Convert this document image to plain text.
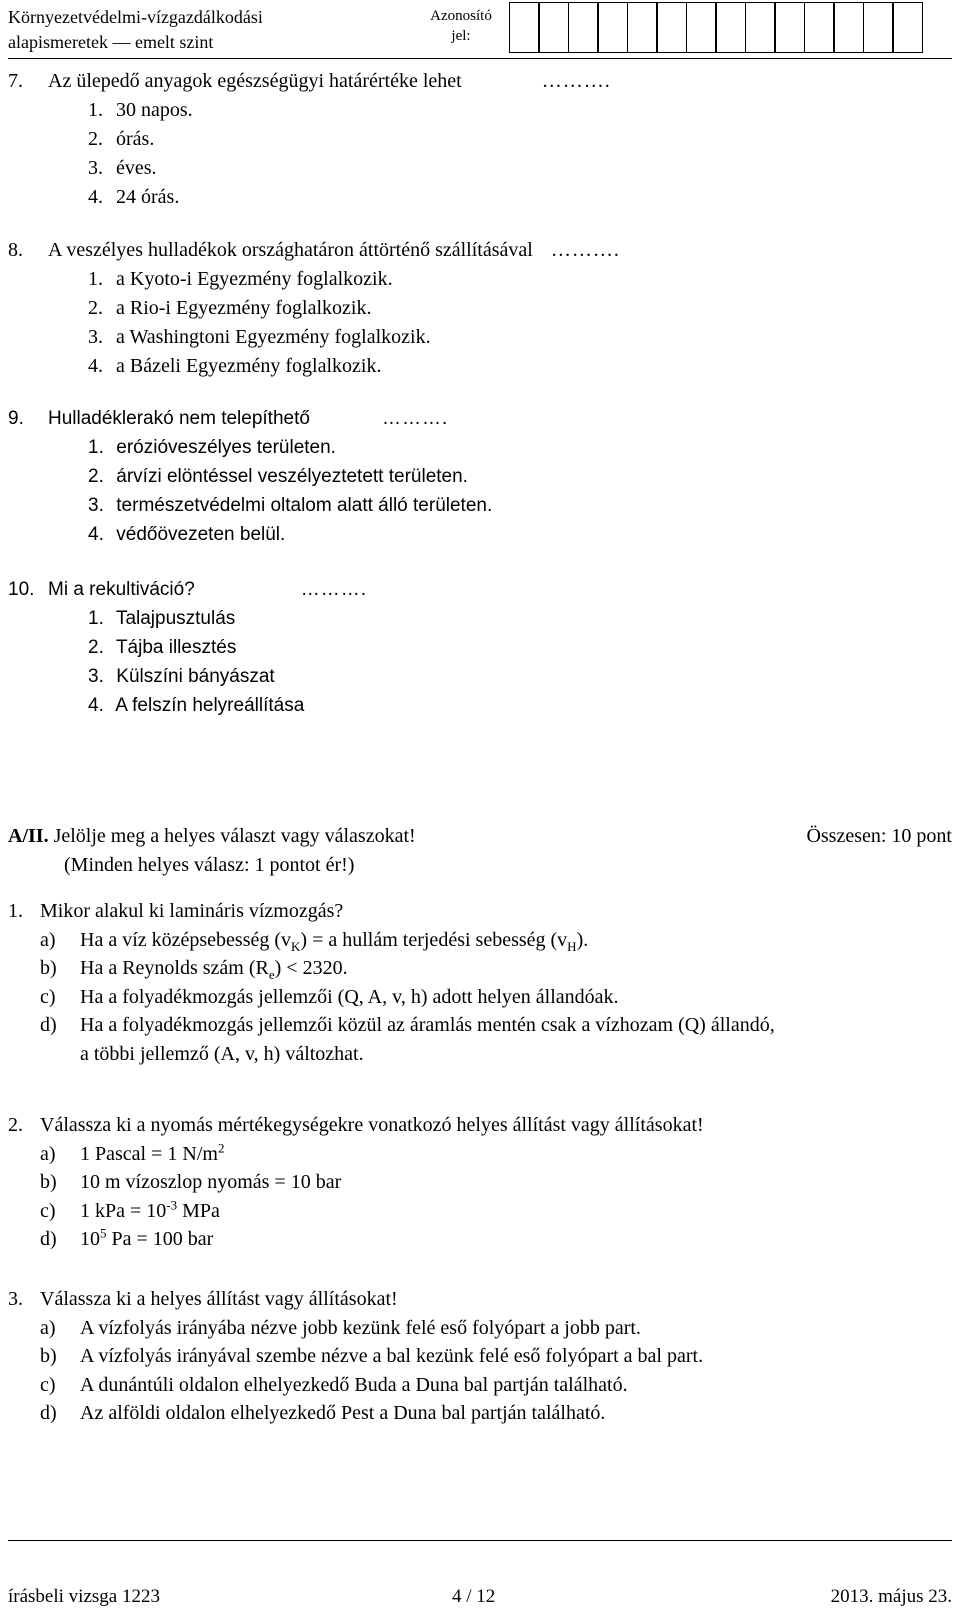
Környezetvédelmi-vízgazdálkodási
alapismeretek — emelt szint
Azonosító
jel:
7. Az ülepedő anyagok egészségügyi határértéke lehet	……….
1. 30 napos.
2. órás.
3. éves.
4. 24 órás.
8. A veszélyes hulladékok országhatáron áttörténő szállításával ……….
1. a Kyoto-i Egyezmény foglalkozik.
2. a Rio-i Egyezmény foglalkozik.
3. a Washingtoni Egyezmény foglalkozik.
4. a Bázeli Egyezmény foglalkozik.
9. Hulladéklerakó nem telepíthető	……….
1. erózióveszélyes területen.
2. árvízi elöntéssel veszélyeztetett területen.
3. természetvédelmi oltalom alatt álló területen.
4. védőövezeten belül.
10. Mi a rekultiváció?	……….
1. Talajpusztulás
2. Tájba illesztés
3. Külszíni bányászat
4. A felszín helyreállítása
A/II. Jelölje meg a helyes választ vagy válaszokat!	Összesen: 10 pont
(Minden helyes válasz: 1 pontot ér!)
1. Mikor alakul ki lamináris vízmozgás?
a) Ha a víz középsebesség $(v_K) = a$ hullám terjedési sebesség $(v_H)$.
b) Ha a Reynolds szám $(R_e) < 2320$.
c) Ha a folyadékmozgás jellemzői (Q, A, v, h) adott helyen állandóak.
d) Ha a folyadékmozgás jellemzői közül az áramlás mentén csak a vízhozam (Q) állandó,
a többi jellemző (A, v, h) változhat.
2. Válassza ki a nyomás mértékegységekre vonatkozó helyes állítást vagy állításokat!
a) 1 Pascal = 1 $N/m^2$
b) 10 m vízoszlop nyomás = 10 bar
c) 1 kPa = $10^{-3}$ MPa
d) $10^5$ Pa = 100 bar
3. Válassza ki a helyes állítást vagy állításokat!
a) A vízfolyás irányába nézve jobb kezünk felé eső folyópart a jobb part.
b) A vízfolyás irányával szembe nézve a bal kezünk felé eső folyópart a bal part.
c) A dunántúli oldalon elhelyezkedő Buda a Duna bal partján található.
d) Az alföldi oldalon elhelyezkedő Pest a Duna bal partján található.
írásbeli vizsga 1223	4 / 12	2013. május 23.
